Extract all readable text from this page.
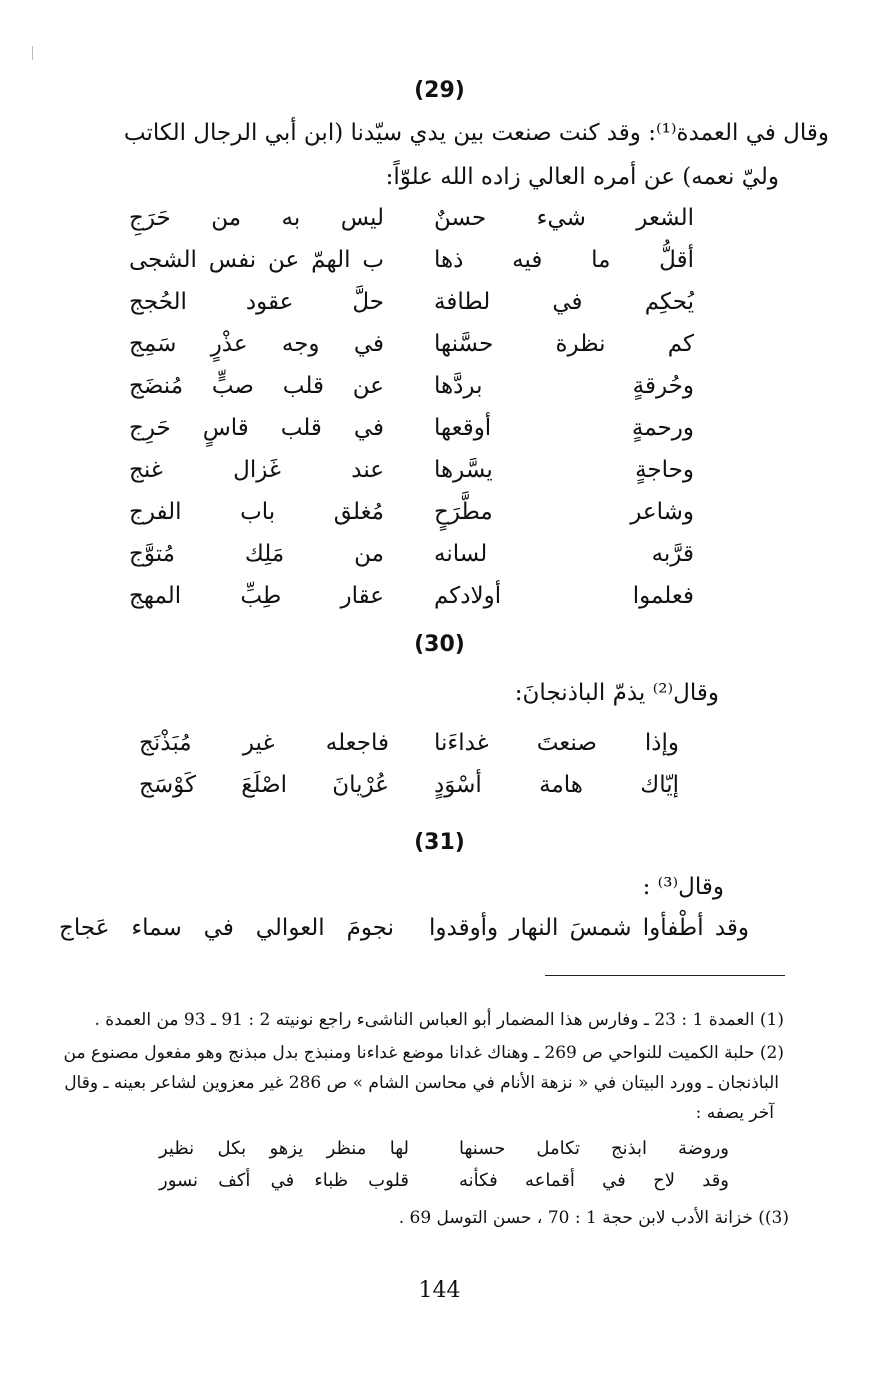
(29)
وقال في العمدة⁽¹⁾: وقد كنت صنعت بين يدي سيّدنا (ابن أبي الرجال الكاتب
وليّ نعمه) عن أمره العالي زاده الله علوّاً:
الشعر شيء حسنٌ
ليس به من حَرَجِ
أقلُّ ما فيه ذها
ب الهمّ عن نفس الشجى
يُحكِم في لطافة
حلَّ عقود الحُجج
كم نظرة حسَّنها
في وجه عذْرٍ سَمِج
وحُرقةٍ بردَّها
عن قلب صبٍّ مُنضَج
ورحمةٍ أوقعها
في قلب قاسٍ حَرِج
وحاجةٍ يسَّرها
عند غَزال غنج
وشاعر مطَّرَحٍ
مُغلق باب الفرج
قرَّبه لسانه
من مَلِك مُتوَّج
فعلموا أولادكم
عقار طِبِّ المهج
(30)
وقال⁽²⁾ يذمّ الباذنجانَ:
وإذا صنعتَ غداءَنا
فاجعله غير مُبَذْنَج
إيّاك هامة أسْوَدٍ
عُرْيانَ اصْلَعَ كَوْسَج
(31)
وقال⁽³⁾ :
وقد أطْفأوا شمسَ النهار وأوقدوا
نجومَ العوالي في سماء عَجاج
(1) العمدة 1 : 23 ـ وفارس هذا المضمار أبو العباس الناشىء راجع نونيته 2 : 91 ـ 93 من العمدة .
(2) حلبة الكميت للنواحي ص 269 ـ وهناك غدانا موضع غداءنا ومنبذج بدل مبذنج وهو مفعول مصنوع من
الباذنجان ـ وورد البيتان في « نزهة الأنام في محاسن الشام » ص 286 غير معزوين لشاعر بعينه ـ وقال
آخر يصفه :
وروضة ابذنج تكامل حسنها
لها منظر يزهو بكل نظير
وقد لاح في أقماعه فكأنه
قلوب ظباء في أكف نسور
(3)) خزانة الأدب لابن حجة 1 : 70 ، حسن التوسل 69 .
144
